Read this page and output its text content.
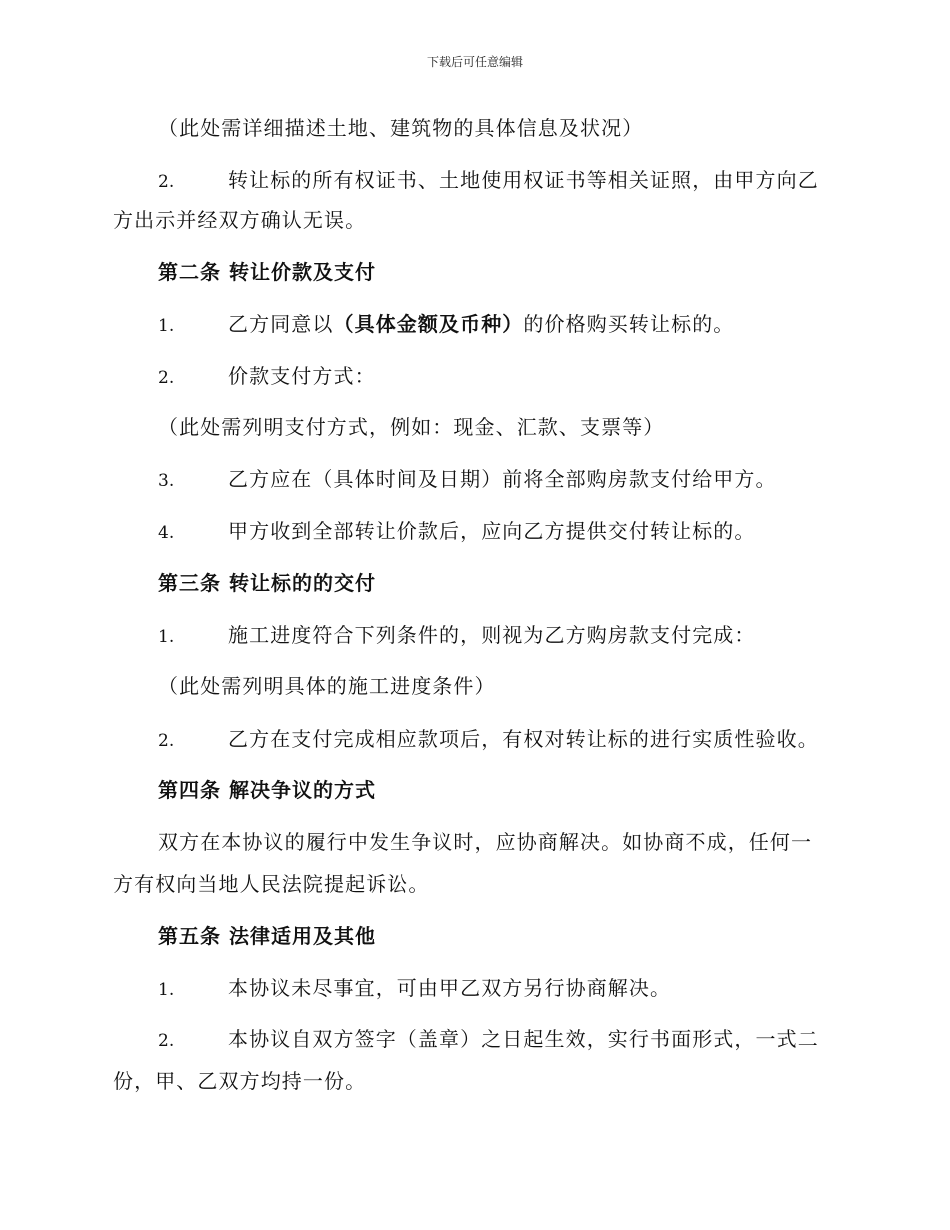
下载后可任意编辑
（此处需详细描述土地、建筑物的具体信息及状况）
2.	转让标的所有权证书、土地使用权证书等相关证照，由甲方向乙
方出示并经双方确认无误。
第二条 转让价款及支付
1.	乙方同意以（具体金额及币种）的价格购买转让标的。
2.	价款支付方式：
（此处需列明支付方式，例如：现金、汇款、支票等）
3.	乙方应在（具体时间及日期）前将全部购房款支付给甲方。
4.	甲方收到全部转让价款后，应向乙方提供交付转让标的。
第三条 转让标的的交付
1.	施工进度符合下列条件的，则视为乙方购房款支付完成：
（此处需列明具体的施工进度条件）
2.	乙方在支付完成相应款项后，有权对转让标的进行实质性验收。
第四条 解决争议的方式
双方在本协议的履行中发生争议时，应协商解决。如协商不成，任何一
方有权向当地人民法院提起诉讼。
第五条 法律适用及其他
1.	本协议未尽事宜，可由甲乙双方另行协商解决。
2.	本协议自双方签字（盖章）之日起生效，实行书面形式，一式二
份，甲、乙双方均持一份。
